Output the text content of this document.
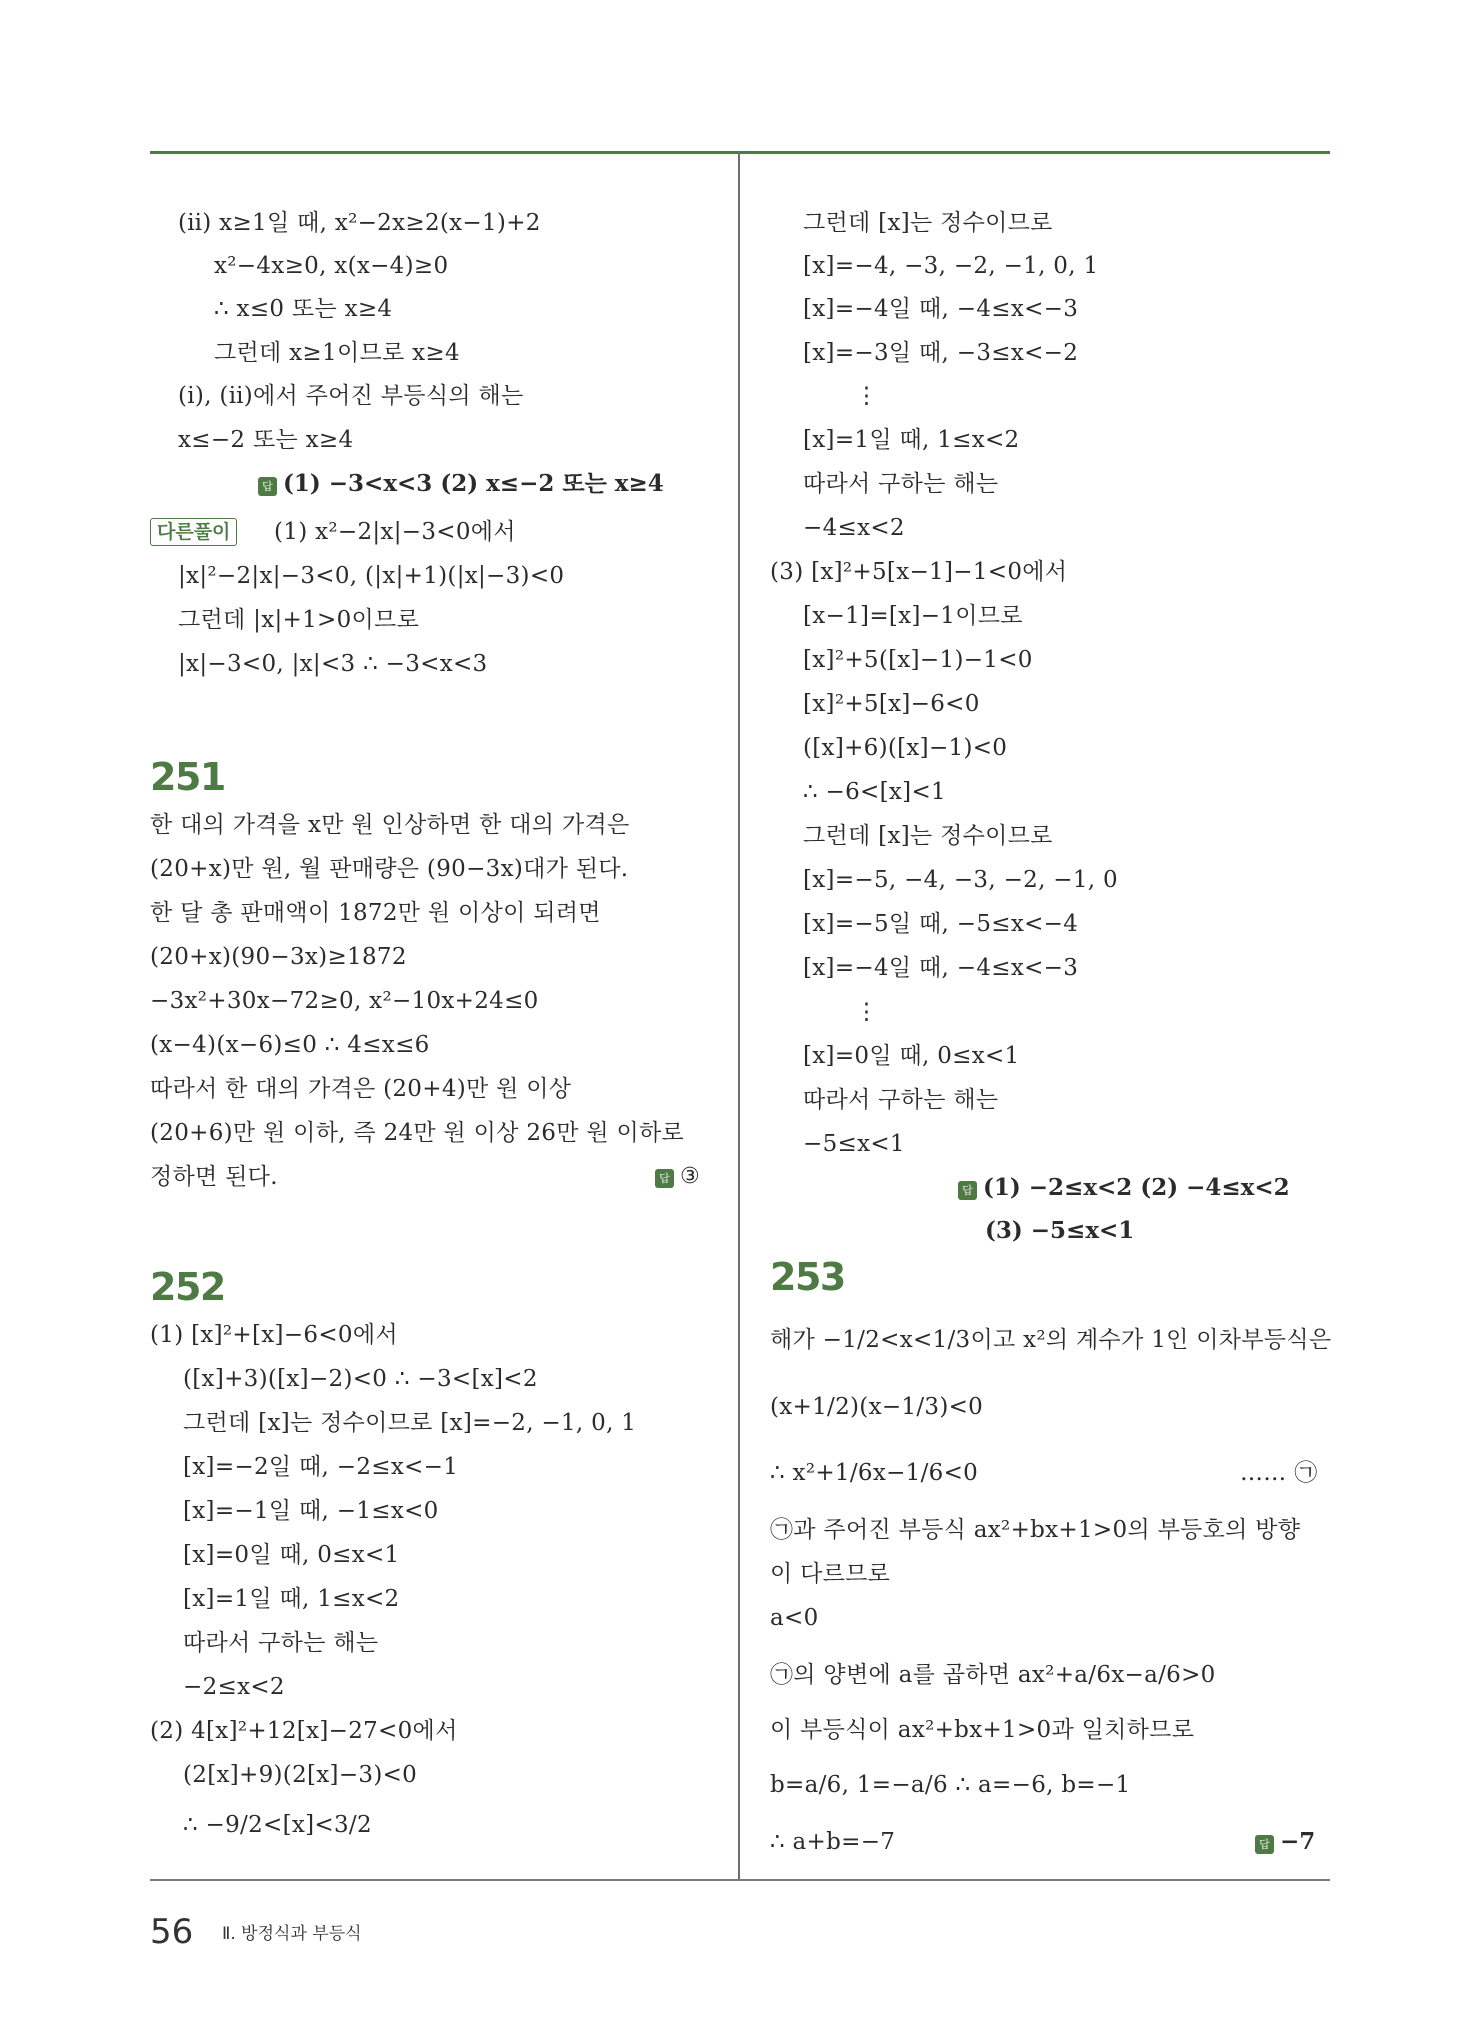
(ⅱ) x≥1일 때, x²−2x≥2(x−1)+2
x²−4x≥0, x(x−4)≥0
∴ x≤0 또는 x≥4
그런데 x≥1이므로 x≥4
(ⅰ), (ⅱ)에서 주어진 부등식의 해는
x≤−2 또는 x≥4
답 (1) −3<x<3 (2) x≤−2 또는 x≥4
다른풀이	(1) x²−2|x|−3<0에서
|x|²−2|x|−3<0, (|x|+1)(|x|−3)<0
그런데 |x|+1>0이므로
|x|−3<0, |x|<3 ∴ −3<x<3
251
한 대의 가격을 x만 원 인상하면 한 대의 가격은
(20+x)만 원, 월 판매량은 (90−3x)대가 된다.
한 달 총 판매액이 1872만 원 이상이 되려면
(20+x)(90−3x)≥1872
−3x²+30x−72≥0, x²−10x+24≤0
(x−4)(x−6)≤0 ∴ 4≤x≤6
따라서 한 대의 가격은 (20+4)만 원 이상
(20+6)만 원 이하, 즉 24만 원 이상 26만 원 이하로
정하면 된다.	답 ③
252
(1) [x]²+[x]−6<0에서
([x]+3)([x]−2)<0 ∴ −3<[x]<2
그런데 [x]는 정수이므로 [x]=−2, −1, 0, 1
[x]=−2일 때, −2≤x<−1
[x]=−1일 때, −1≤x<0
[x]=0일 때, 0≤x<1
[x]=1일 때, 1≤x<2
따라서 구하는 해는
−2≤x<2
(2) 4[x]²+12[x]−27<0에서
(2[x]+9)(2[x]−3)<0
∴ −9/2<[x]<3/2
그런데 [x]는 정수이므로
[x]=−4, −3, −2, −1, 0, 1
[x]=−4일 때, −4≤x<−3
[x]=−3일 때, −3≤x<−2
⋮
[x]=1일 때, 1≤x<2
따라서 구하는 해는
−4≤x<2
(3) [x]²+5[x−1]−1<0에서
[x−1]=[x]−1이므로
[x]²+5([x]−1)−1<0
[x]²+5[x]−6<0
([x]+6)([x]−1)<0
∴ −6<[x]<1
그런데 [x]는 정수이므로
[x]=−5, −4, −3, −2, −1, 0
[x]=−5일 때, −5≤x<−4
[x]=−4일 때, −4≤x<−3
⋮
[x]=0일 때, 0≤x<1
따라서 구하는 해는
−5≤x<1
답 (1) −2≤x<2 (2) −4≤x<2
(3) −5≤x<1
253
해가 −1/2<x<1/3이고 x²의 계수가 1인 이차부등식은
(x+1/2)(x−1/3)<0
∴ x²+1/6x−1/6<0	…… ㉠
㉠과 주어진 부등식 ax²+bx+1>0의 부등호의 방향
이 다르므로
a<0
㉠의 양변에 a를 곱하면 ax²+a/6x−a/6>0
이 부등식이 ax²+bx+1>0과 일치하므로
b=a/6, 1=−a/6 ∴ a=−6, b=−1
∴ a+b=−7	답 −7
56 Ⅱ. 방정식과 부등식
